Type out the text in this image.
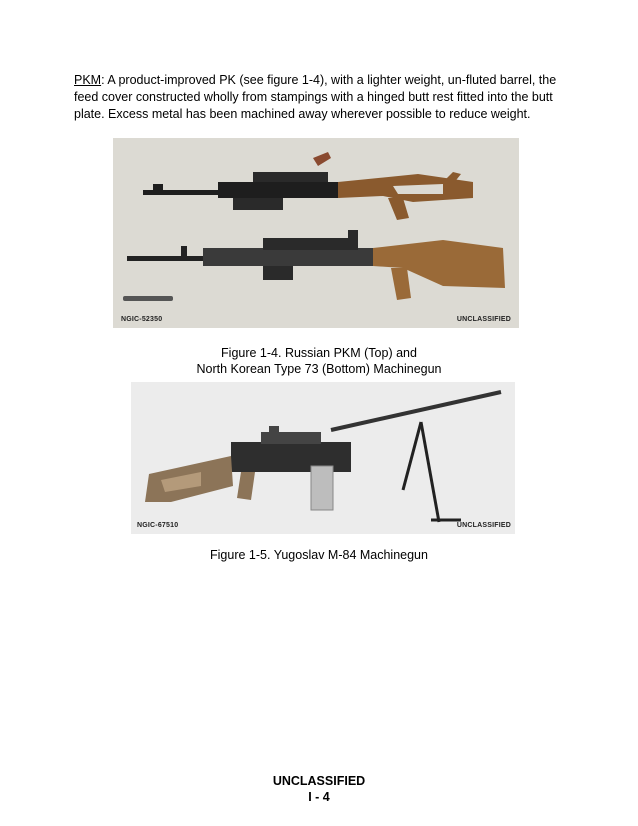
PKM: A product-improved PK (see figure 1-4), with a lighter weight, un-fluted barrel, the feed cover constructed wholly from stampings with a hinged butt rest fitted into the butt plate. Excess metal has been machined away wherever possible to reduce weight.

NGIC-52350	UNCLASSIFIED
Figure 1-4. Russian PKM (Top) and
North Korean Type 73 (Bottom) Machinegun
NGIC-67510	UNCLASSIFIED
Figure 1-5. Yugoslav M-84 Machinegun
UNCLASSIFIED
I - 4
